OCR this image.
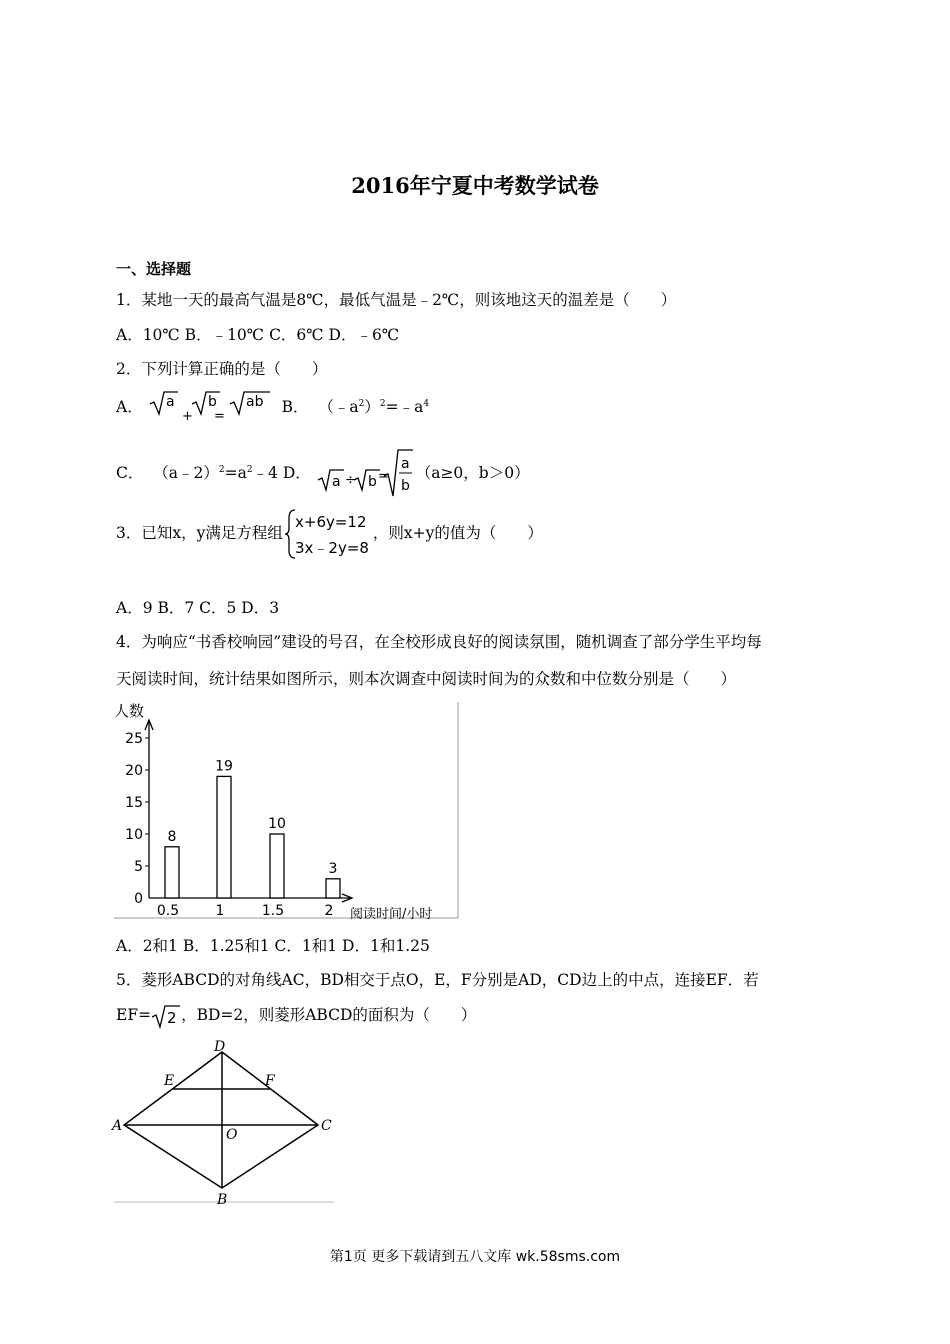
2016年宁夏中考数学试卷
一、选择题
1．某地一天的最高气温是8℃，最低气温是﹣2℃，则该地这天的温差是（　　）
A．10℃ B．﹣10℃ C．6℃ D．﹣6℃
2．下列计算正确的是（　　）
A． a
+
b
=
ab B． $(﹣a^2)^2=﹣a^4$
C． $(a﹣2)^2=a^2﹣4$ D． a ÷ b =
a
b
（a≥0，b＞0）
3．已知x，y满足方程组
x+6y=12
3x﹣2y=8
，则x+y的值为（　　）
A．9 B．7 C．5 D．3
4．为响应“书香校响园”建设的号召，在全校形成良好的阅读氛围，随机调查了部分学生平均每
天阅读时间，统计结果如图所示，则本次调查中阅读时间为的众数和中位数分别是（　　）
人数
阅读时间/小时
0
5
10
15
20
25
8
0.5
19
1
10
1.5
3
2
A．2和1 B．1.25和1 C．1和1 D．1和1.25
5．菱形ABCD的对角线AC，BD相交于点O，E，F分别是AD，CD边上的中点，连接EF．若
EF= 2 ，BD=2，则菱形ABCD的面积为（　　）
D
E	F
A	C
O
B
第1页 更多下载请到五八文库 wk.58sms.com
